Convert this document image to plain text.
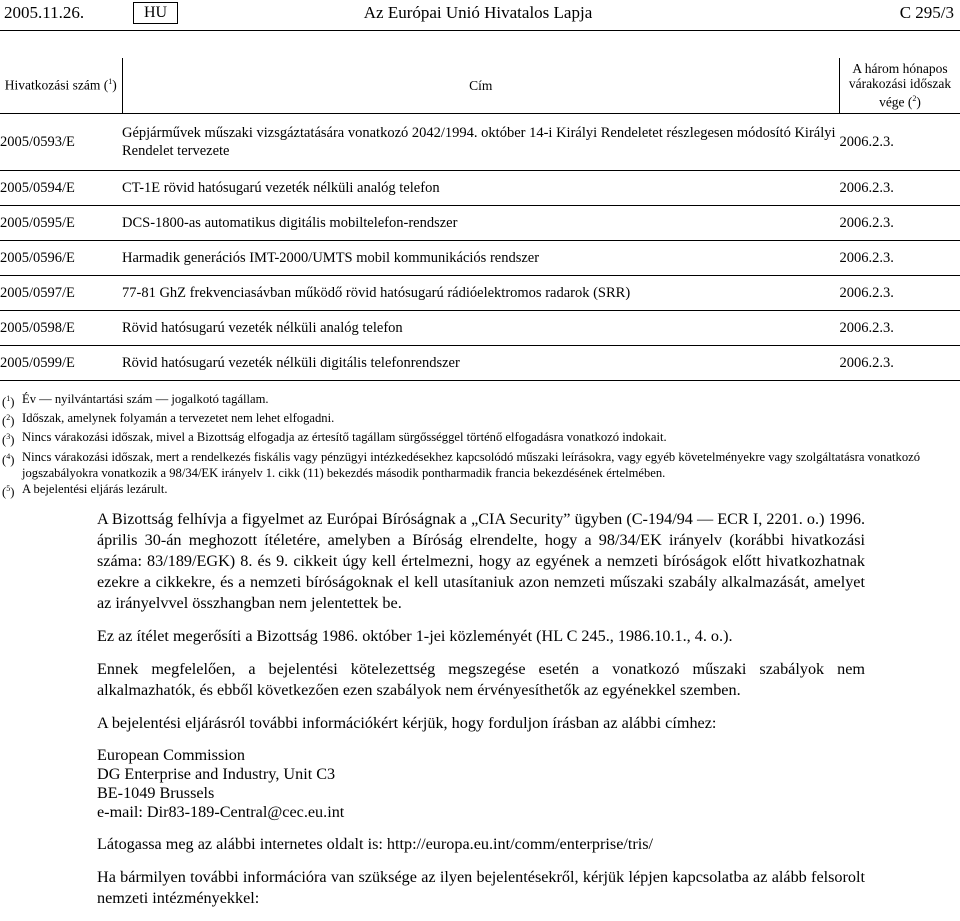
2005.11.26.	HU	Az Európai Unió Hivatalos Lapja	C 295/3
Hivatkozási szám ($^1$)	Cím	A három hónapos
várakozási időszak
vége ($^2$)

2005/0593/E	Gépjárművek műszaki vizsgáztatására vonatkozó 2042/1994. október 14-i Királyi Rendeletet részlegesen módosító Királyi Rendelet tervezete	2006.2.3.
2005/0594/E	CT-1E rövid hatósugarú vezeték nélküli analóg telefon	2006.2.3.
2005/0595/E	DCS-1800-as automatikus digitális mobiltelefon-rendszer	2006.2.3.
2005/0596/E	Harmadik generációs IMT-2000/UMTS mobil kommunikációs rendszer	2006.2.3.
2005/0597/E	77-81 GhZ frekvenciasávban működő rövid hatósugarú rádióelektromos radarok (SRR)	2006.2.3.
2005/0598/E	Rövid hatósugarú vezeték nélküli analóg telefon	2006.2.3.
2005/0599/E	Rövid hatósugarú vezeték nélküli digitális telefonrendszer	2006.2.3.
($^1$) Év — nyilvántartási szám — jogalkotó tagállam.
($^2$) Időszak, amelynek folyamán a tervezetet nem lehet elfogadni.
($^3$) Nincs várakozási időszak, mivel a Bizottság elfogadja az értesítő tagállam sürgősséggel történő elfogadásra vonatkozó indokait.
($^4$) Nincs várakozási időszak, mert a rendelkezés fiskális vagy pénzügyi intézkedésekhez kapcsolódó műszaki leírásokra, vagy egyéb követelményekre vagy szolgáltatásra vonatkozó jogszabályokra vonatkozik a 98/34/EK irányelv 1. cikk (11) bekezdés második pontharmadik francia bekezdésének értelmében.
($^5$) A bejelentési eljárás lezárult.

A Bizottság felhívja a figyelmet az Európai Bíróságnak a „CIA Security” ügyben (C-194/94 — ECR I, 2201. o.) 1996. április 30-án meghozott ítéletére, amelyben a Bíróság elrendelte, hogy a 98/34/EK irányelv (korábbi hivatkozási száma: 83/189/EGK) 8. és 9. cikkeit úgy kell értelmezni, hogy az egyének a nemzeti bíróságok előtt hivatkozhatnak ezekre a cikkekre, és a nemzeti bíróságoknak el kell utasítaniuk azon nemzeti műszaki szabály alkalmazását, amelyet az irányelvvel összhangban nem jelentettek be.

Ez az ítélet megerősíti a Bizottság 1986. október 1-jei közleményét (HL C 245., 1986.10.1., 4. o.).

Ennek megfelelően, a bejelentési kötelezettség megszegése esetén a vonatkozó műszaki szabályok nem alkalmazhatók, és ebből következően ezen szabályok nem érvényesíthetők az egyénekkel szemben.

A bejelentési eljárásról további információkért kérjük, hogy forduljon írásban az alábbi címhez:

European Commission
DG Enterprise and Industry, Unit C3
BE-1049 Brussels
e-mail: Dir83-189-Central@cec.eu.int

Látogassa meg az alábbi internetes oldalt is: http://europa.eu.int/comm/enterprise/tris/

Ha bármilyen további információra van szüksége az ilyen bejelentésekről, kérjük lépjen kapcsolatba az alább felsorolt nemzeti intézményekkel:
